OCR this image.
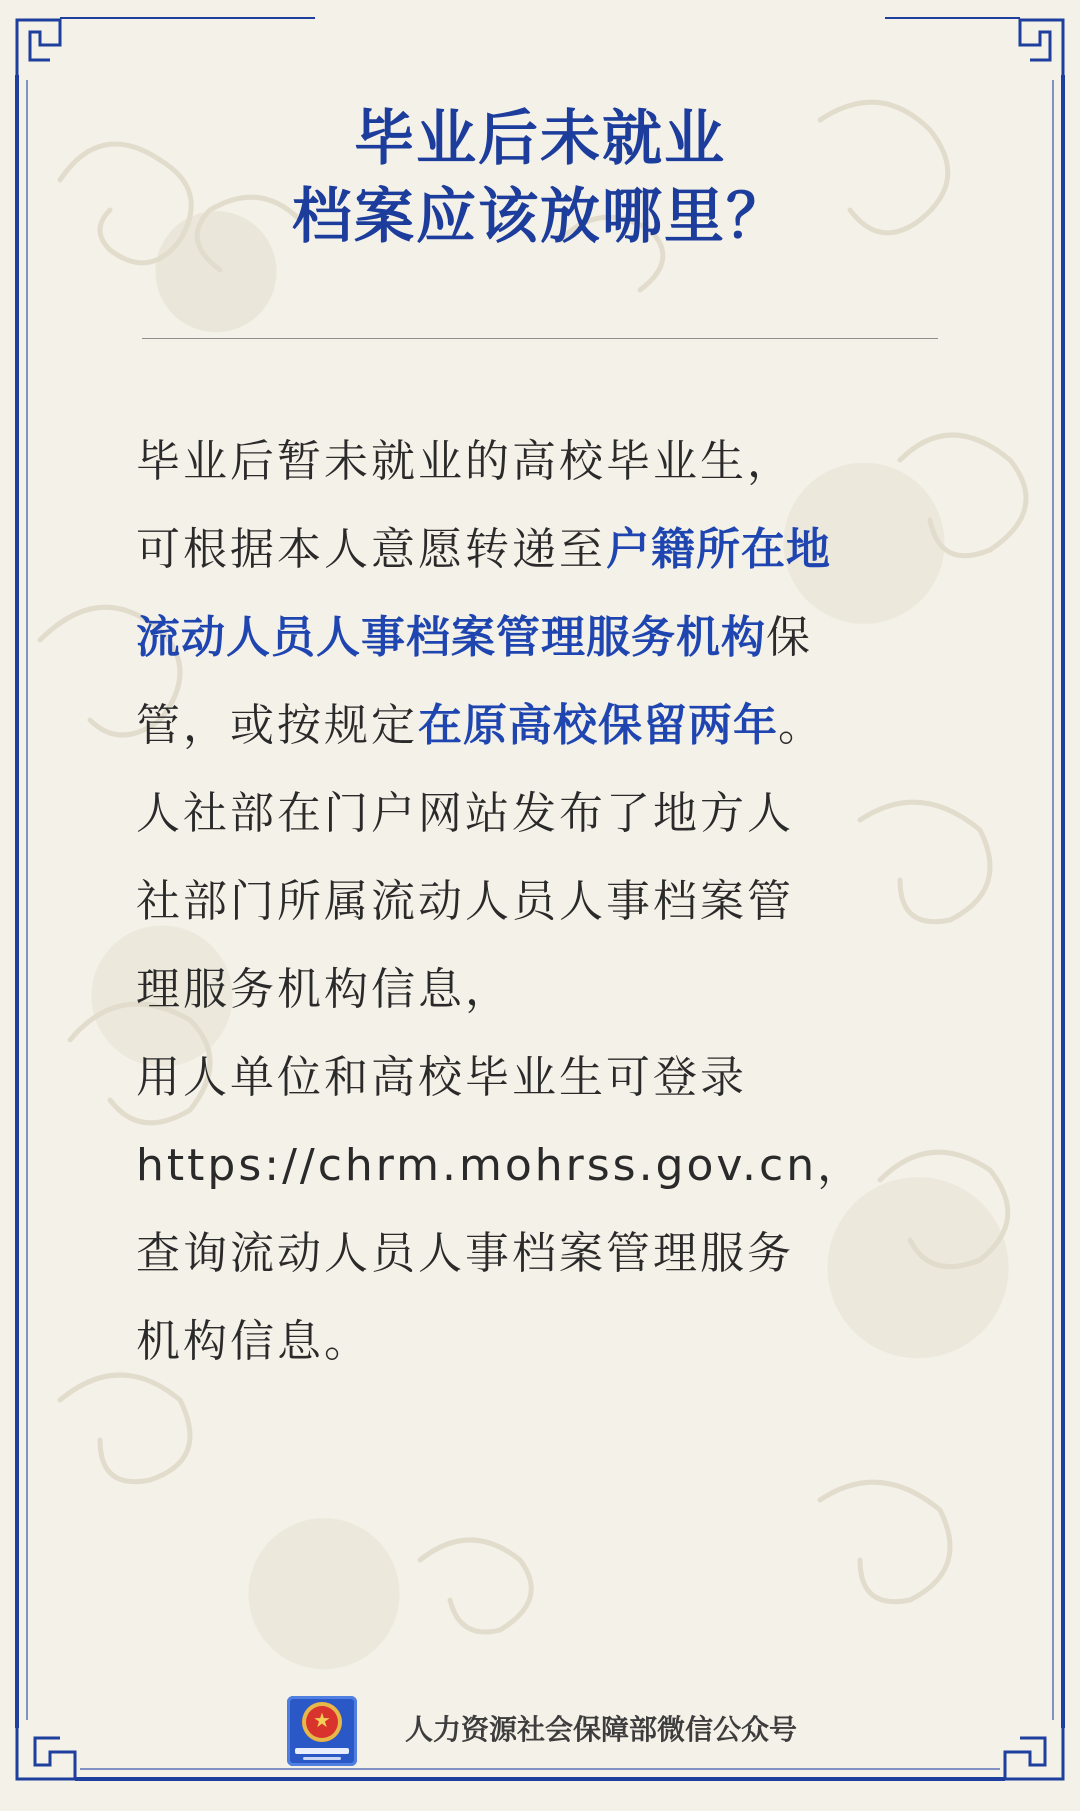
毕业后未就业
档案应该放哪里？
毕业后暂未就业的高校毕业生，
可根据本人意愿转递至户籍所在地
流动人员人事档案管理服务机构保
管，或按规定在原高校保留两年。
人社部在门户网站发布了地方人
社部门所属流动人员人事档案管
理服务机构信息，
用人单位和高校毕业生可登录
https://chrm.mohrss.gov.cn，
查询流动人员人事档案管理服务
机构信息。
★
人力资源社会保障部微信公众号
